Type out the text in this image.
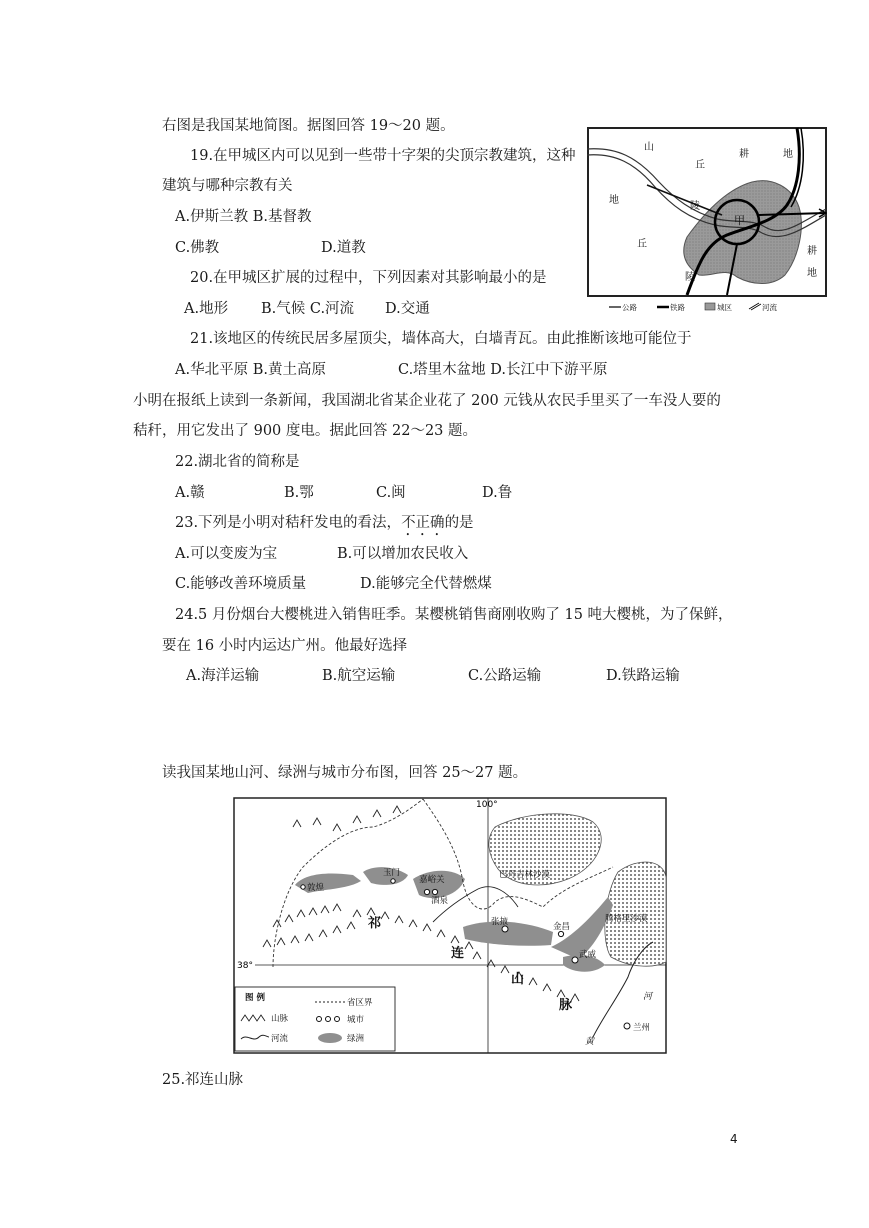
右图是我国某地简图。据图回答 19～20 题。
19.在甲城区内可以见到一些带十字架的尖顶宗教建筑，这种
建筑与哪种宗教有关
A.伊斯兰教 B.基督教
C.佛教	D.道教
20.在甲城区扩展的过程中，下列因素对其影响最小的是
A.地形 B.气候 C.河流 D.交通
21.该地区的传统民居多屋顶尖，墙体高大，白墙青瓦。由此推断该地可能位于
A.华北平原 B.黄土高原	C.塔里木盆地 D.长江中下游平原
小明在报纸上读到一条新闻，我国湖北省某企业花了 200 元钱从农民手里买了一车没人要的
秸秆，用它发出了 900 度电。据此回答 22～23 题。
22.湖北省的简称是
A.赣	B.鄂	C.闽	D.鲁
23.下列是小明对秸秆发电的看法，不正确的是
A.可以变废为宝	B.可以增加农民收入
C.能够改善环境质量	D.能够完全代替燃煤
24.5 月份烟台大樱桃进入销售旺季。某樱桃销售商刚收购了 15 吨大樱桃，为了保鲜，
要在 16 小时内运达广州。他最好选择
A.海洋运输	B.航空运输	C.公路运输	D.铁路运输
读我国某地山河、绿洲与城市分布图，回答 25～27 题。
25.祁连山脉
4
山
丘
耕	地
地
陵
甲
丘
陵
耕
地
公路	铁路	城区	河流
100°
38°
敦煌
玉门
嘉峪关
酒泉
张掖	金昌
武威
兰州
巴丹吉林沙漠
腾格里沙漠
祁
连
山
脉
河
黄
图 例
山脉
河流
省区界
城市
绿洲
